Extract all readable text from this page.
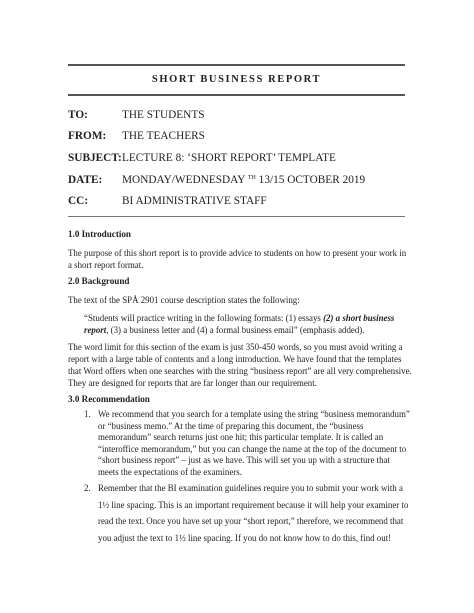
SHORT BUSINESS REPORT
TO:	THE STUDENTS
FROM: THE TEACHERS
SUBJECT: LECTURE 8: ‘SHORT REPORT’ TEMPLATE
DATE: MONDAY/WEDNESDAY $^{TH}$ 13/15 OCTOBER 2019
CC:	BI ADMINISTRATIVE STAFF
1.0 Introduction
The purpose of this short report is to provide advice to students on how to present your work in a short report format.
2.0 Background
The text of the SPÅ 2901 course description states the following:
“Students will practice writing in the following formats: (1) essays (2) a short business report, (3) a business letter and (4) a formal business email” (emphasis added).
The word limit for this section of the exam is just 350-450 words, so you must avoid writing a report with a large table of contents and a long introduction. We have found that the templates that Word offers when one searches with the string “business report” are all very comprehensive. They are designed for reports that are far longer than our requirement.
3.0 Recommendation
1. We recommend that you search for a template using the string “business memorandum” or “business memo.” At the time of preparing this document, the “business memorandum” search returns just one hit; this particular template. It is called an “interoffice memorandum,” but you can change the name at the top of the document to “short business report” – just as we have. This will set you up with a structure that meets the expectations of the examiners.
2. Remember that the BI examination guidelines require you to submit your work with a 1½ line spacing. This is an important requirement because it will help your examiner to read the text. Once you have set up your “short report,” therefore, we recommend that you adjust the text to 1½ line spacing. If you do not know how to do this, find out!
